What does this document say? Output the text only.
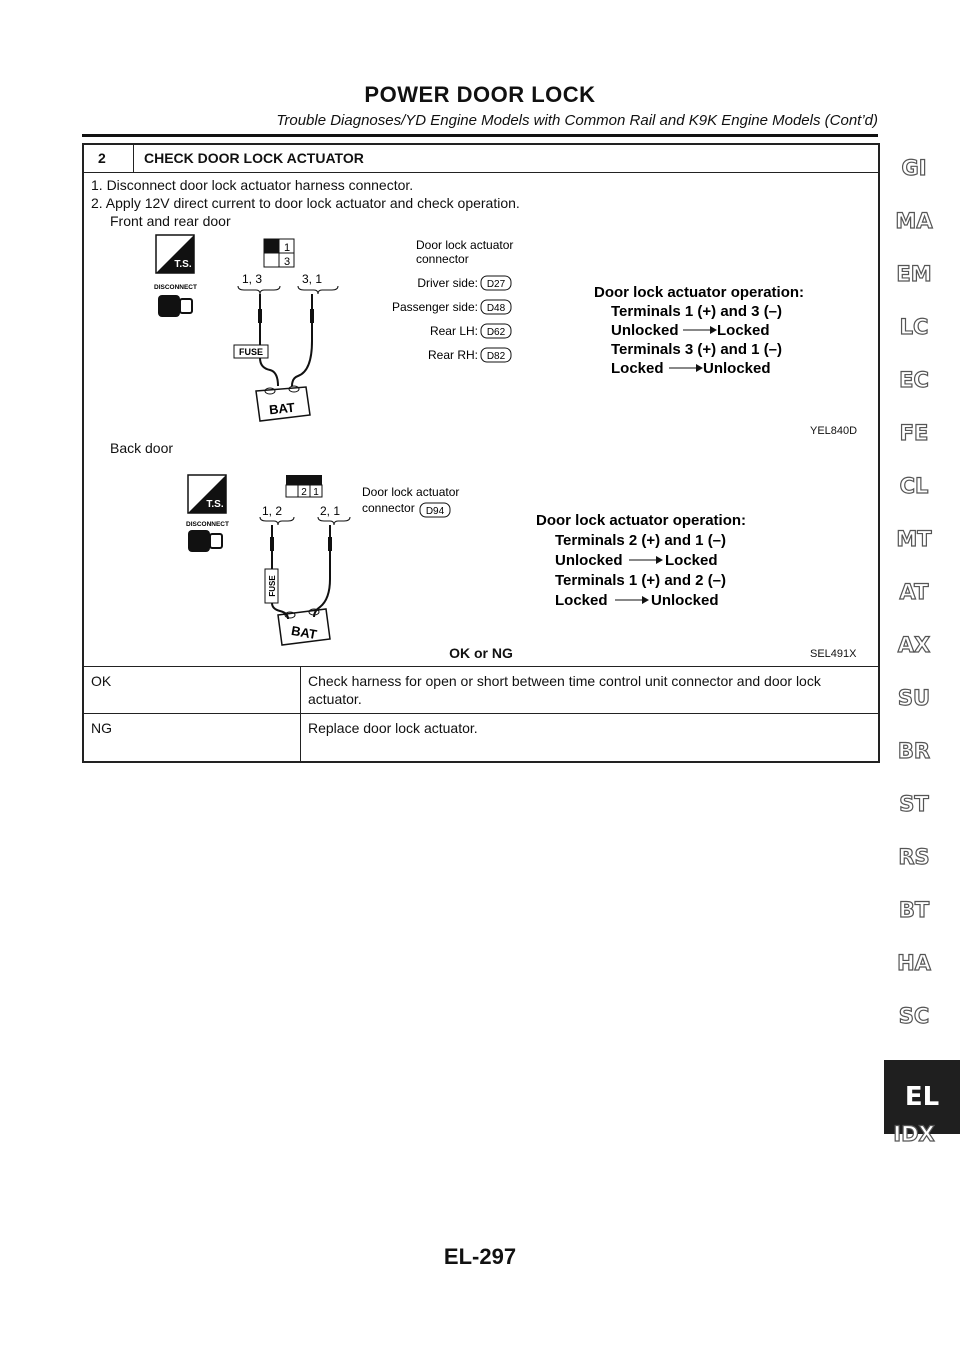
POWER DOOR LOCK
Trouble Diagnoses/YD Engine Models with Common Rail and K9K Engine Models (Cont’d)
2	CHECK DOOR LOCK ACTUATOR
1. Disconnect door lock actuator harness connector.
2. Apply 12V direct current to door lock actuator and check operation.
Front and rear door
T.S.
DISCONNECT
1
3
1, 3	3, 1
FUSE
BAT
Door lock actuator
connector
Driver side: D27
Passenger side: D48
Rear LH: D62
Rear RH: D82
Door lock actuator operation:
Terminals 1 (+) and 3 (–)
Unlocked	Locked
Terminals 3 (+) and 1 (–)
Locked	Unlocked
YEL840D
Back door
T.S.
DISCONNECT
2 1
1, 2	2, 1
FUSE
BAT
Door lock actuator
connector D94
Door lock actuator operation:
Terminals 2 (+) and 1 (–)
Unlocked	Locked
Terminals 1 (+) and 2 (–)
Locked	Unlocked
SEL491X
OK or NG
OK	Check harness for open or short between time control unit connector and door lock
actuator.
NG	Replace door lock actuator.
GI
MA
EM
LC
EC
FE
CL
MT
AT
AX
SU
BR
ST
RS
BT
HA
SC
EL
IDX
EL-297
